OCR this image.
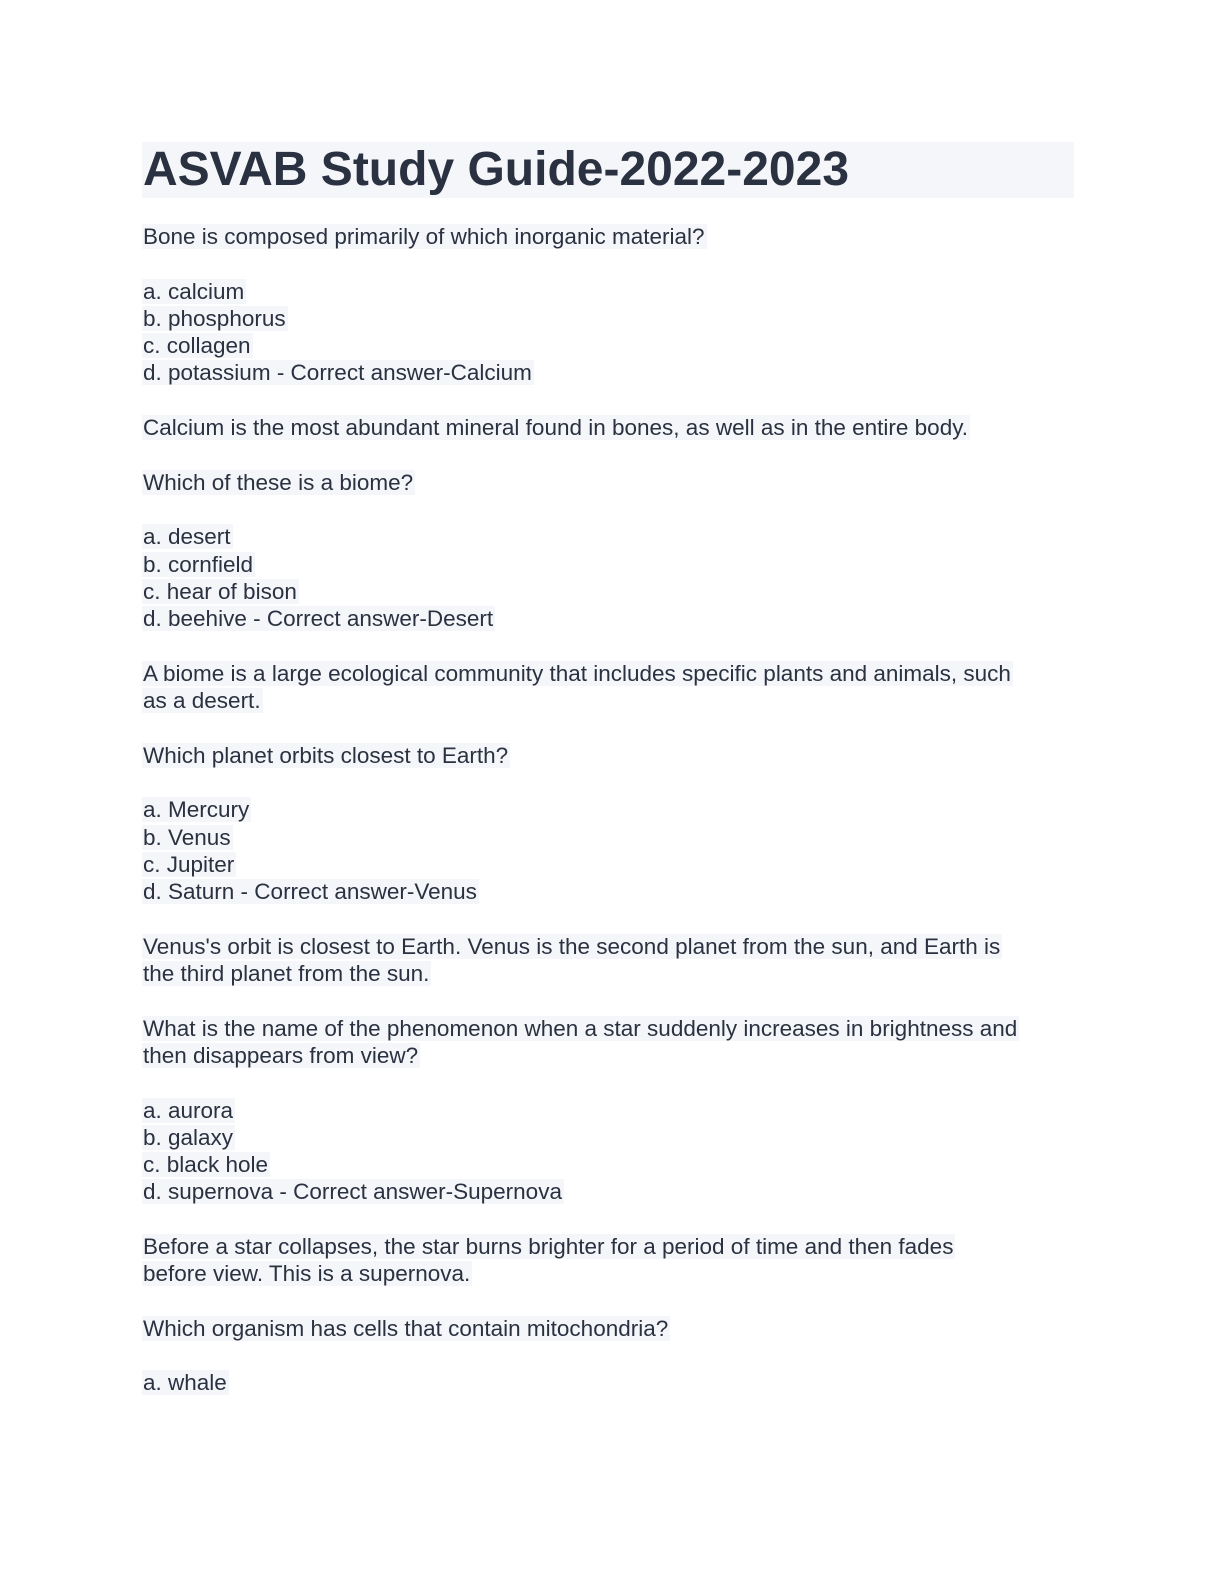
ASVAB Study Guide-2022-2023
Bone is composed primarily of which inorganic material?
a. calcium
b. phosphorus
c. collagen
d. potassium - Correct answer-Calcium
Calcium is the most abundant mineral found in bones, as well as in the entire body.
Which of these is a biome?
a. desert
b. cornfield
c. hear of bison
d. beehive - Correct answer-Desert
A biome is a large ecological community that includes specific plants and animals, such
as a desert.
Which planet orbits closest to Earth?
a. Mercury
b. Venus
c. Jupiter
d. Saturn - Correct answer-Venus
Venus's orbit is closest to Earth. Venus is the second planet from the sun, and Earth is
the third planet from the sun.
What is the name of the phenomenon when a star suddenly increases in brightness and
then disappears from view?
a. aurora
b. galaxy
c. black hole
d. supernova - Correct answer-Supernova
Before a star collapses, the star burns brighter for a period of time and then fades
before view. This is a supernova.
Which organism has cells that contain mitochondria?
a. whale
